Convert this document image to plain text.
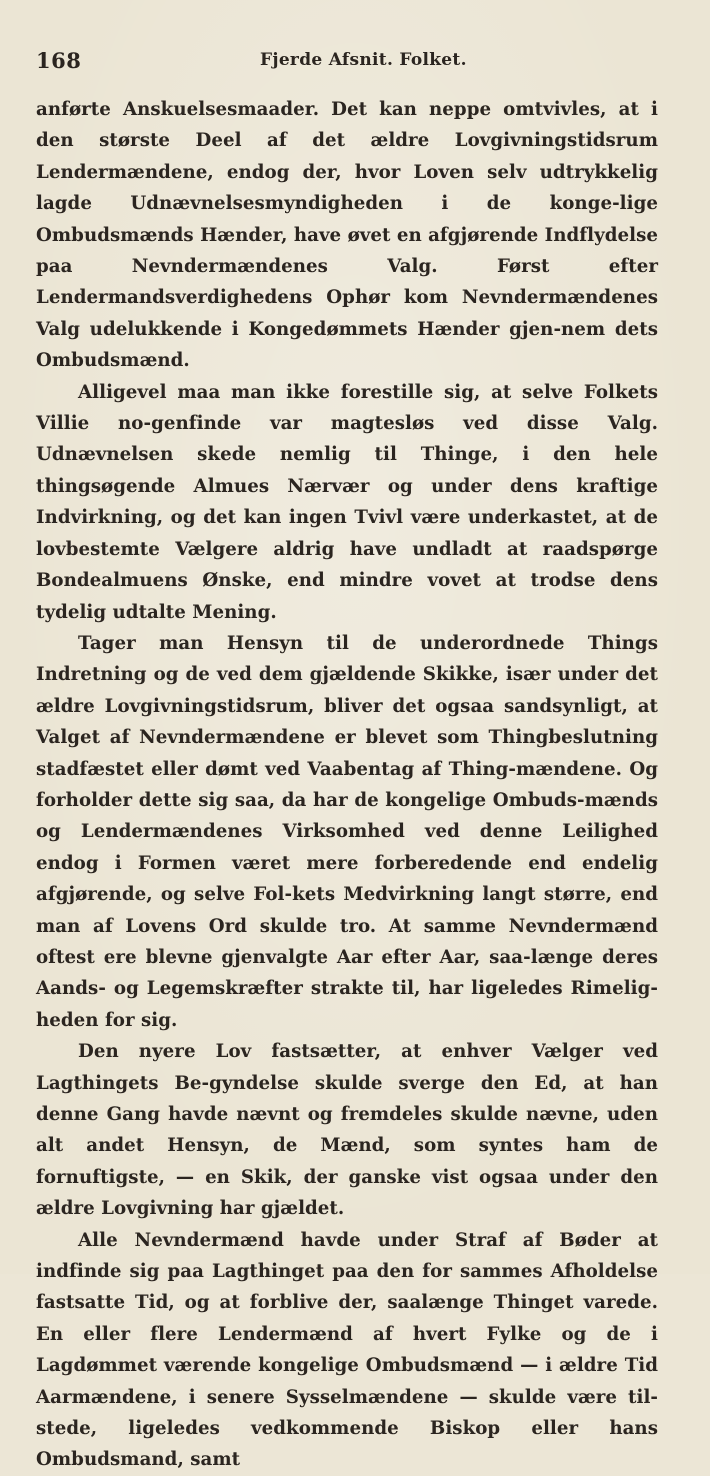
168	Fjerde Afsnit. Folket.

anførte Anskuelsesmaader. Det kan neppe omtvivles, at i den største Deel af det ældre Lovgivningstidsrum Lendermændene, endog der, hvor Loven selv udtrykkelig lagde Udnævnelsesmyndigheden i de konge-lige Ombudsmænds Hænder, have øvet en afgjørende Indflydelse paa Nevndermændenes Valg. Først efter Lendermandsverdighedens Ophør kom Nevndermændenes Valg udelukkende i Kongedømmets Hænder gjen-nem dets Ombudsmænd.

Alligevel maa man ikke forestille sig, at selve Folkets Villie no-genfinde var magtesløs ved disse Valg. Udnævnelsen skede nemlig til Thinge, i den hele thingsøgende Almues Nærvær og under dens kraftige Indvirkning, og det kan ingen Tvivl være underkastet, at de lovbestemte Vælgere aldrig have undladt at raadspørge Bondealmuens Ønske, end mindre vovet at trodse dens tydelig udtalte Mening.

Tager man Hensyn til de underordnede Things Indretning og de ved dem gjældende Skikke, især under det ældre Lovgivningstidsrum, bliver det ogsaa sandsynligt, at Valget af Nevndermændene er blevet som Thingbeslutning stadfæstet eller dømt ved Vaabentag af Thing-mændene. Og forholder dette sig saa, da har de kongelige Ombuds-mænds og Lendermændenes Virksomhed ved denne Leilighed endog i Formen været mere forberedende end endelig afgjørende, og selve Fol-kets Medvirkning langt større, end man af Lovens Ord skulde tro. At samme Nevndermænd oftest ere blevne gjenvalgte Aar efter Aar, saa-længe deres Aands- og Legemskræfter strakte til, har ligeledes Rimelig-heden for sig.

Den nyere Lov fastsætter, at enhver Vælger ved Lagthingets Be-gyndelse skulde sverge den Ed, at han denne Gang havde nævnt og fremdeles skulde nævne, uden alt andet Hensyn, de Mænd, som syntes ham de fornuftigste, — en Skik, der ganske vist ogsaa under den ældre Lovgivning har gjældet.

Alle Nevndermænd havde under Straf af Bøder at indfinde sig paa Lagthinget paa den for sammes Afholdelse fastsatte Tid, og at forblive der, saalænge Thinget varede. En eller flere Lendermænd af hvert Fylke og de i Lagdømmet værende kongelige Ombudsmænd — i ældre Tid Aarmændene, i senere Sysselmændene — skulde være til-stede, ligeledes vedkommende Biskop eller hans Ombudsmand, samt
